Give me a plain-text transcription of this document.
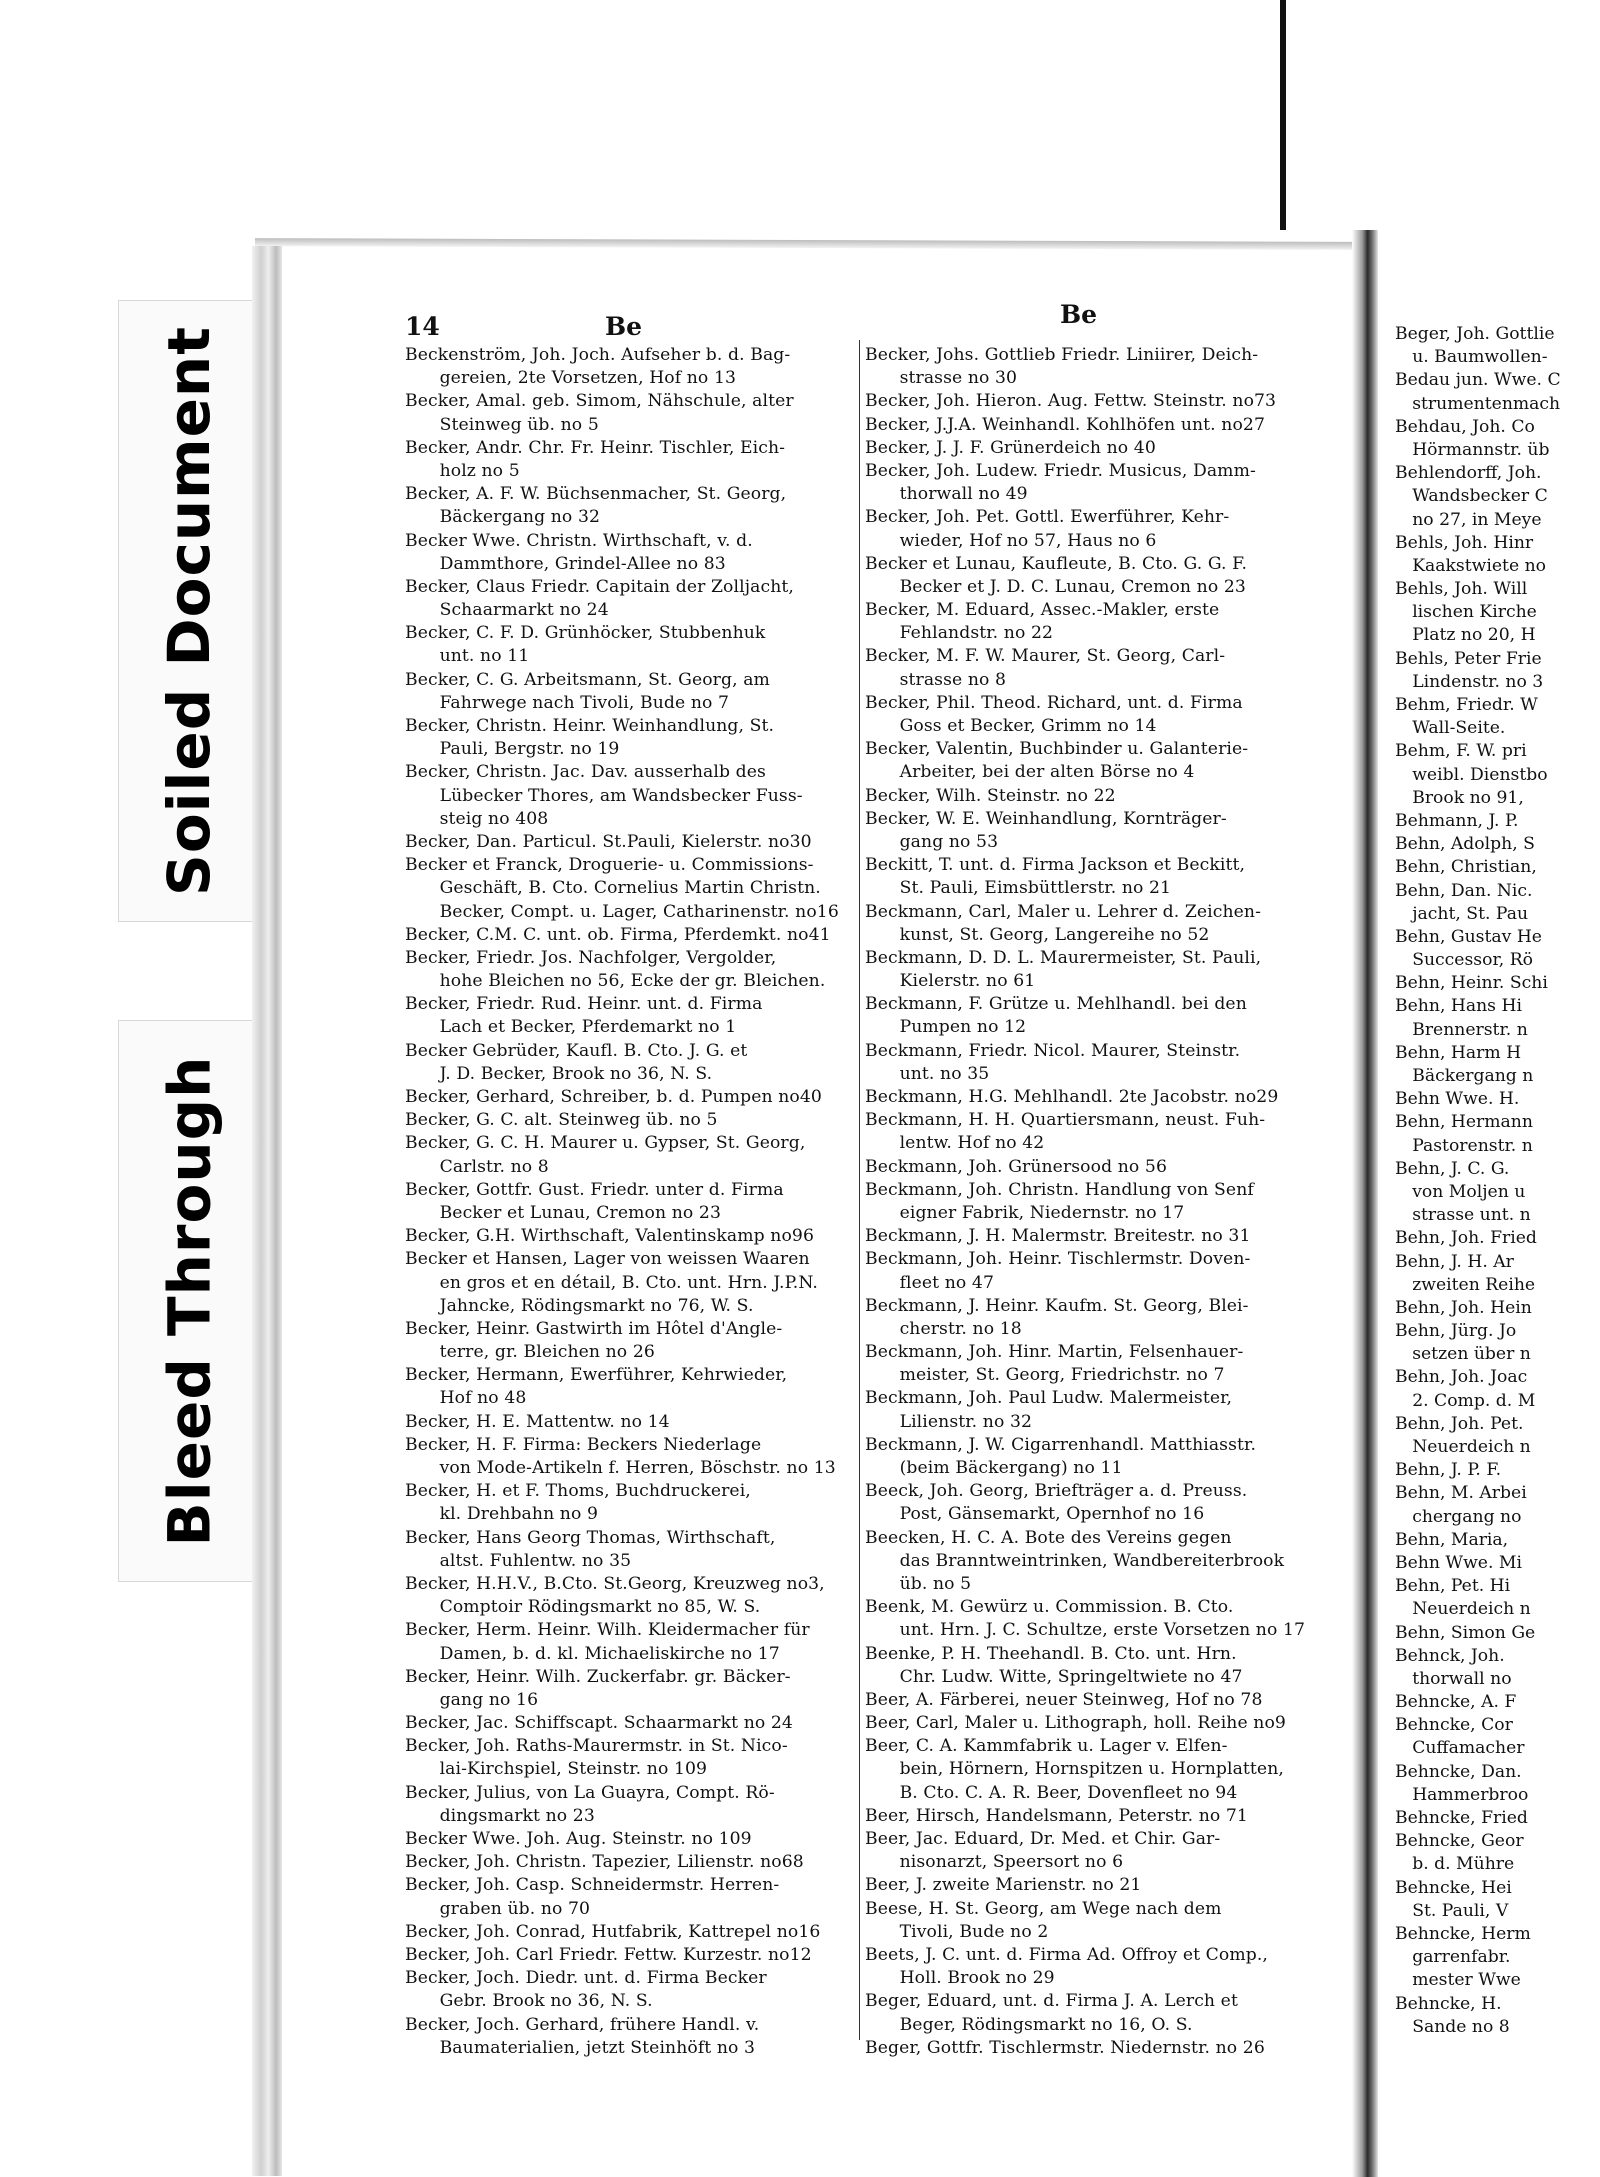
Soiled Document
Bleed Through
14	Be	Be
Beckenström, Joh. Joch. Aufseher b. d. Bag-
  gereien, 2te Vorsetzen, Hof no 13
Becker, Amal. geb. Simom, Nähschule, alter
  Steinweg üb. no 5
Becker, Andr. Chr. Fr. Heinr. Tischler, Eich-
  holz no 5
Becker, A. F. W. Büchsenmacher, St. Georg,
  Bäckergang no 32
Becker Wwe. Christn. Wirthschaft, v. d.
  Dammthore, Grindel-Allee no 83
Becker, Claus Friedr. Capitain der Zolljacht,
  Schaarmarkt no 24
Becker, C. F. D. Grünhöcker, Stubbenhuk
  unt. no 11
Becker, C. G. Arbeitsmann, St. Georg, am
  Fahrwege nach Tivoli, Bude no 7
Becker, Christn. Heinr. Weinhandlung, St.
  Pauli, Bergstr. no 19
Becker, Christn. Jac. Dav. ausserhalb des
  Lübecker Thores, am Wandsbecker Fuss-
  steig no 408
Becker, Dan. Particul. St.Pauli, Kielerstr. no30
Becker et Franck, Droguerie- u. Commissions-
  Geschäft, B. Cto. Cornelius Martin Christn.
  Becker, Compt. u. Lager, Catharinenstr. no16
Becker, C.M. C. unt. ob. Firma, Pferdemkt. no41
Becker, Friedr. Jos. Nachfolger, Vergolder,
  hohe Bleichen no 56, Ecke der gr. Bleichen.
Becker, Friedr. Rud. Heinr. unt. d. Firma
  Lach et Becker, Pferdemarkt no 1
Becker Gebrüder, Kaufl. B. Cto. J. G. et
  J. D. Becker, Brook no 36, N. S.
Becker, Gerhard, Schreiber, b. d. Pumpen no40
Becker, G. C. alt. Steinweg üb. no 5
Becker, G. C. H. Maurer u. Gypser, St. Georg,
  Carlstr. no 8
Becker, Gottfr. Gust. Friedr. unter d. Firma
  Becker et Lunau, Cremon no 23
Becker, G.H. Wirthschaft, Valentinskamp no96
Becker et Hansen, Lager von weissen Waaren
  en gros et en détail, B. Cto. unt. Hrn. J.P.N.
  Jahncke, Rödingsmarkt no 76, W. S.
Becker, Heinr. Gastwirth im Hôtel d'Angle-
  terre, gr. Bleichen no 26
Becker, Hermann, Ewerführer, Kehrwieder,
  Hof no 48
Becker, H. E. Mattentw. no 14
Becker, H. F. Firma: Beckers Niederlage
  von Mode-Artikeln f. Herren, Böschstr. no 13
Becker, H. et F. Thoms, Buchdruckerei,
  kl. Drehbahn no 9
Becker, Hans Georg Thomas, Wirthschaft,
  altst. Fuhlentw. no 35
Becker, H.H.V., B.Cto. St.Georg, Kreuzweg no3,
  Comptoir Rödingsmarkt no 85, W. S.
Becker, Herm. Heinr. Wilh. Kleidermacher für
  Damen, b. d. kl. Michaeliskirche no 17
Becker, Heinr. Wilh. Zuckerfabr. gr. Bäcker-
  gang no 16
Becker, Jac. Schiffscapt. Schaarmarkt no 24
Becker, Joh. Raths-Maurermstr. in St. Nico-
  lai-Kirchspiel, Steinstr. no 109
Becker, Julius, von La Guayra, Compt. Rö-
  dingsmarkt no 23
Becker Wwe. Joh. Aug. Steinstr. no 109
Becker, Joh. Christn. Tapezier, Lilienstr. no68
Becker, Joh. Casp. Schneidermstr. Herren-
  graben üb. no 70
Becker, Joh. Conrad, Hutfabrik, Kattrepel no16
Becker, Joh. Carl Friedr. Fettw. Kurzestr. no12
Becker, Joch. Diedr. unt. d. Firma Becker
  Gebr. Brook no 36, N. S.
Becker, Joch. Gerhard, frühere Handl. v.
  Baumaterialien, jetzt Steinhöft no 3
Becker, Johs. Gottlieb Friedr. Liniirer, Deich-
  strasse no 30
Becker, Joh. Hieron. Aug. Fettw. Steinstr. no73
Becker, J.J.A. Weinhandl. Kohlhöfen unt. no27
Becker, J. J. F. Grünerdeich no 40
Becker, Joh. Ludew. Friedr. Musicus, Damm-
  thorwall no 49
Becker, Joh. Pet. Gottl. Ewerführer, Kehr-
  wieder, Hof no 57, Haus no 6
Becker et Lunau, Kaufleute, B. Cto. G. G. F.
  Becker et J. D. C. Lunau, Cremon no 23
Becker, M. Eduard, Assec.-Makler, erste
  Fehlandstr. no 22
Becker, M. F. W. Maurer, St. Georg, Carl-
  strasse no 8
Becker, Phil. Theod. Richard, unt. d. Firma
  Goss et Becker, Grimm no 14
Becker, Valentin, Buchbinder u. Galanterie-
  Arbeiter, bei der alten Börse no 4
Becker, Wilh. Steinstr. no 22
Becker, W. E. Weinhandlung, Kornträger-
  gang no 53
Beckitt, T. unt. d. Firma Jackson et Beckitt,
  St. Pauli, Eimsbüttlerstr. no 21
Beckmann, Carl, Maler u. Lehrer d. Zeichen-
  kunst, St. Georg, Langereihe no 52
Beckmann, D. D. L. Maurermeister, St. Pauli,
  Kielerstr. no 61
Beckmann, F. Grütze u. Mehlhandl. bei den
  Pumpen no 12
Beckmann, Friedr. Nicol. Maurer, Steinstr.
  unt. no 35
Beckmann, H.G. Mehlhandl. 2te Jacobstr. no29
Beckmann, H. H. Quartiersmann, neust. Fuh-
  lentw. Hof no 42
Beckmann, Joh. Grünersood no 56
Beckmann, Joh. Christn. Handlung von Senf
  eigner Fabrik, Niedernstr. no 17
Beckmann, J. H. Malermstr. Breitestr. no 31
Beckmann, Joh. Heinr. Tischlermstr. Doven-
  fleet no 47
Beckmann, J. Heinr. Kaufm. St. Georg, Blei-
  cherstr. no 18
Beckmann, Joh. Hinr. Martin, Felsenhauer-
  meister, St. Georg, Friedrichstr. no 7
Beckmann, Joh. Paul Ludw. Malermeister,
  Lilienstr. no 32
Beckmann, J. W. Cigarrenhandl. Matthiasstr.
  (beim Bäckergang) no 11
Beeck, Joh. Georg, Briefträger a. d. Preuss.
  Post, Gänsemarkt, Opernhof no 16
Beecken, H. C. A. Bote des Vereins gegen
  das Branntweintrinken, Wandbereiterbrook
  üb. no 5
Beenk, M. Gewürz u. Commission. B. Cto.
  unt. Hrn. J. C. Schultze, erste Vorsetzen no 17
Beenke, P. H. Theehandl. B. Cto. unt. Hrn.
  Chr. Ludw. Witte, Springeltwiete no 47
Beer, A. Färberei, neuer Steinweg, Hof no 78
Beer, Carl, Maler u. Lithograph, holl. Reihe no9
Beer, C. A. Kammfabrik u. Lager v. Elfen-
  bein, Hörnern, Hornspitzen u. Hornplatten,
  B. Cto. C. A. R. Beer, Dovenfleet no 94
Beer, Hirsch, Handelsmann, Peterstr. no 71
Beer, Jac. Eduard, Dr. Med. et Chir. Gar-
  nisonarzt, Speersort no 6
Beer, J. zweite Marienstr. no 21
Beese, H. St. Georg, am Wege nach dem
  Tivoli, Bude no 2
Beets, J. C. unt. d. Firma Ad. Offroy et Comp.,
  Holl. Brook no 29
Beger, Eduard, unt. d. Firma J. A. Lerch et
  Beger, Rödingsmarkt no 16, O. S.
Beger, Gottfr. Tischlermstr. Niedernstr. no 26
Beger, Joh. Gottlie
 u. Baumwollen-
Bedau jun. Wwe. C
 strumentenmach
Behdau, Joh. Co
 Hörmannstr. üb
Behlendorff, Joh.
 Wandsbecker C
 no 27, in Meye
Behls, Joh. Hinr
 Kaakstwiete no
Behls, Joh. Will
 lischen Kirche
 Platz no 20, H
Behls, Peter Frie
 Lindenstr. no 3
Behm, Friedr. W
 Wall-Seite.
Behm, F. W. pri
 weibl. Dienstbo
 Brook no 91,
Behmann, J. P.
Behn, Adolph, S
Behn, Christian,
Behn, Dan. Nic.
 jacht, St. Pau
Behn, Gustav He
 Successor, Rö
Behn, Heinr. Schi
Behn, Hans Hi
 Brennerstr. n
Behn, Harm H
 Bäckergang n
Behn Wwe. H.
Behn, Hermann
 Pastorenstr. n
Behn, J. C. G.
 von Moljen u
 strasse unt. n
Behn, Joh. Fried
Behn, J. H. Ar
 zweiten Reihe
Behn, Joh. Hein
Behn, Jürg. Jo
 setzen über n
Behn, Joh. Joac
 2. Comp. d. M
Behn, Joh. Pet.
 Neuerdeich n
Behn, J. P. F.
Behn, M. Arbei
 chergang no
Behn, Maria,
Behn Wwe. Mi
Behn, Pet. Hi
 Neuerdeich n
Behn, Simon Ge
Behnck, Joh.
 thorwall no
Behncke, A. F
Behncke, Cor
 Cuffamacher
Behncke, Dan.
 Hammerbroo
Behncke, Fried
Behncke, Geor
 b. d. Mühre
Behncke, Hei
 St. Pauli, V
Behncke, Herm
 garrenfabr.
 mester Wwe
Behncke, H.
 Sande no 8
